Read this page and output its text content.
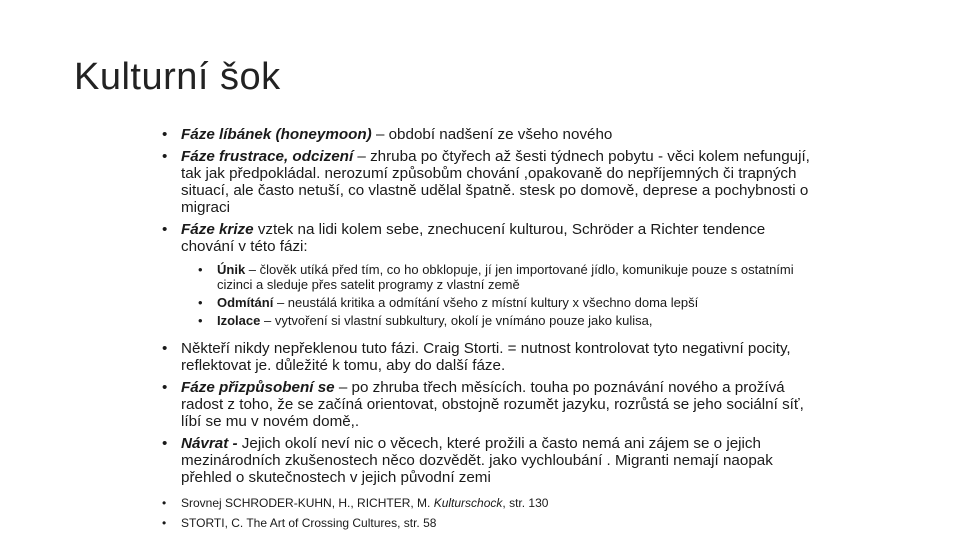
Kulturní šok
• Fáze líbánek (honeymoon) – období nadšení ze všeho nového
• Fáze frustrace, odcizení – zhruba po čtyřech až šesti týdnech pobytu - věci kolem nefungují, tak jak předpokládal. nerozumí způsobům chování ,opakovaně do nepříjemných či trapných situací, ale často netuší, co vlastně udělal špatně. stesk po domově, deprese a pochybnosti o migraci
• Fáze krize vztek na lidi kolem sebe, znechucení kulturou, Schröder a Richter tendence chování v této fázi:
• Únik – člověk utíká před tím, co ho obklopuje, jí jen importované jídlo, komunikuje pouze s ostatními cizinci a sleduje přes satelit programy z vlastní země
• Odmítání – neustálá kritika a odmítání všeho z místní kultury x všechno doma lepší
• Izolace – vytvoření si vlastní subkultury, okolí je vnímáno pouze jako kulisa,
• Někteří nikdy nepřeklenou tuto fázi. Craig Storti. = nutnost kontrolovat tyto negativní pocity, reflektovat je. důležité k tomu, aby do další fáze.
• Fáze přizpůsobení se – po zhruba třech měsících. touha po poznávání nového a prožívá radost z toho, že se začíná orientovat, obstojně rozumět jazyku, rozrůstá se jeho sociální síť, líbí se mu v novém domě,.
• Návrat - Jejich okolí neví nic o věcech, které prožili a často nemá ani zájem se o jejich mezinárodních zkušenostech něco dozvědět. jako vychloubání . Migranti nemají naopak přehled o skutečnostech v jejich původní zemi
• Srovnej SCHRODER-KUHN, H., RICHTER, M. Kulturschock, str. 130
• STORTI, C. The Art of Crossing Cultures, str. 58
